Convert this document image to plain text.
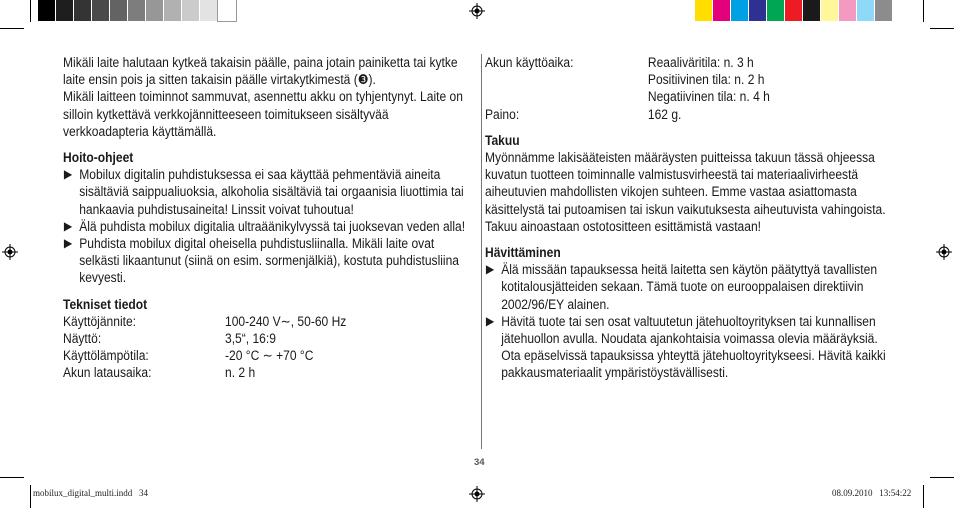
Mikäli laite halutaan kytkeä takaisin päälle, paina jotain painiketta tai kytke laite ensin pois ja sitten takaisin päälle virtakytkimestä (❸).

Mikäli laitteen toiminnot sammuvat, asennettu akku on tyhjentynyt. Laite on silloin kytkettävä verkkojännitteeseen toimitukseen sisältyvää verkkoadapteria käyttämällä.

Hoito-ohjeet

▶ Mobilux digitalin puhdistuksessa ei saa käyttää pehmentäviä aineita sisältäviä saippualiuoksia, alkoholia sisältäviä tai orgaanisia liuottimia tai hankaavia puhdistusaineita! Linssit voivat tuhoutua!
▶ Älä puhdista mobilux digitalia ultraäänikylvyssä tai juoksevan veden alla!
▶ Puhdista mobilux digital oheisella puhdistusliinalla. Mikäli laite ovat selkästi likaantunut (siinä on esim. sormenjälkiä), kostuta puhdistusliina kevyesti.

Tekniset tiedot

Käyttöjännite:	100-240 V∼, 50-60 Hz
Näyttö:	3,5“, 16:9
Käyttölämpötila:	-20 °C ∼ +70 °C
Akun latausaika:	n. 2 h
Akun käyttöaika:	Reaaliväritila: n. 3 h
Positiivinen tila: n. 2 h
Negatiivinen tila: n. 4 h
Paino:	162 g.

Takuu

Myönnämme lakisääteisten määräysten puitteissa takuun tässä ohjeessa kuvatun tuotteen toiminnalle valmistusvirheestä tai materiaalivirheestä aiheutuvien mahdollisten vikojen suhteen. Emme vastaa asiattomasta käsittelystä tai putoamisen tai iskun vaikutuksesta aiheutuvista vahingoista. Takuu ainoastaan ostotositteen esittämistä vastaan!

Hävittäminen

▶ Älä missään tapauksessa heitä laitetta sen käytön päätyttyä tavallisten kotitalousjätteiden sekaan. Tämä tuote on eurooppalaisen direktiivin 2002/96/EY alainen.
▶ Hävitä tuote tai sen osat valtuutetun jätehuoltoyrityksen tai kunnallisen jätehuollon avulla. Noudata ajankohtaisia voimassa olevia määräyksiä. Ota epäselvissä tapauksissa yhteyttä jätehuoltoyritykseesi. Hävitä kaikki pakkausmateriaalit ympäristöystävällisesti.
34
mobilux_digital_multi.indd   34	08.09.2010   13:54:22
